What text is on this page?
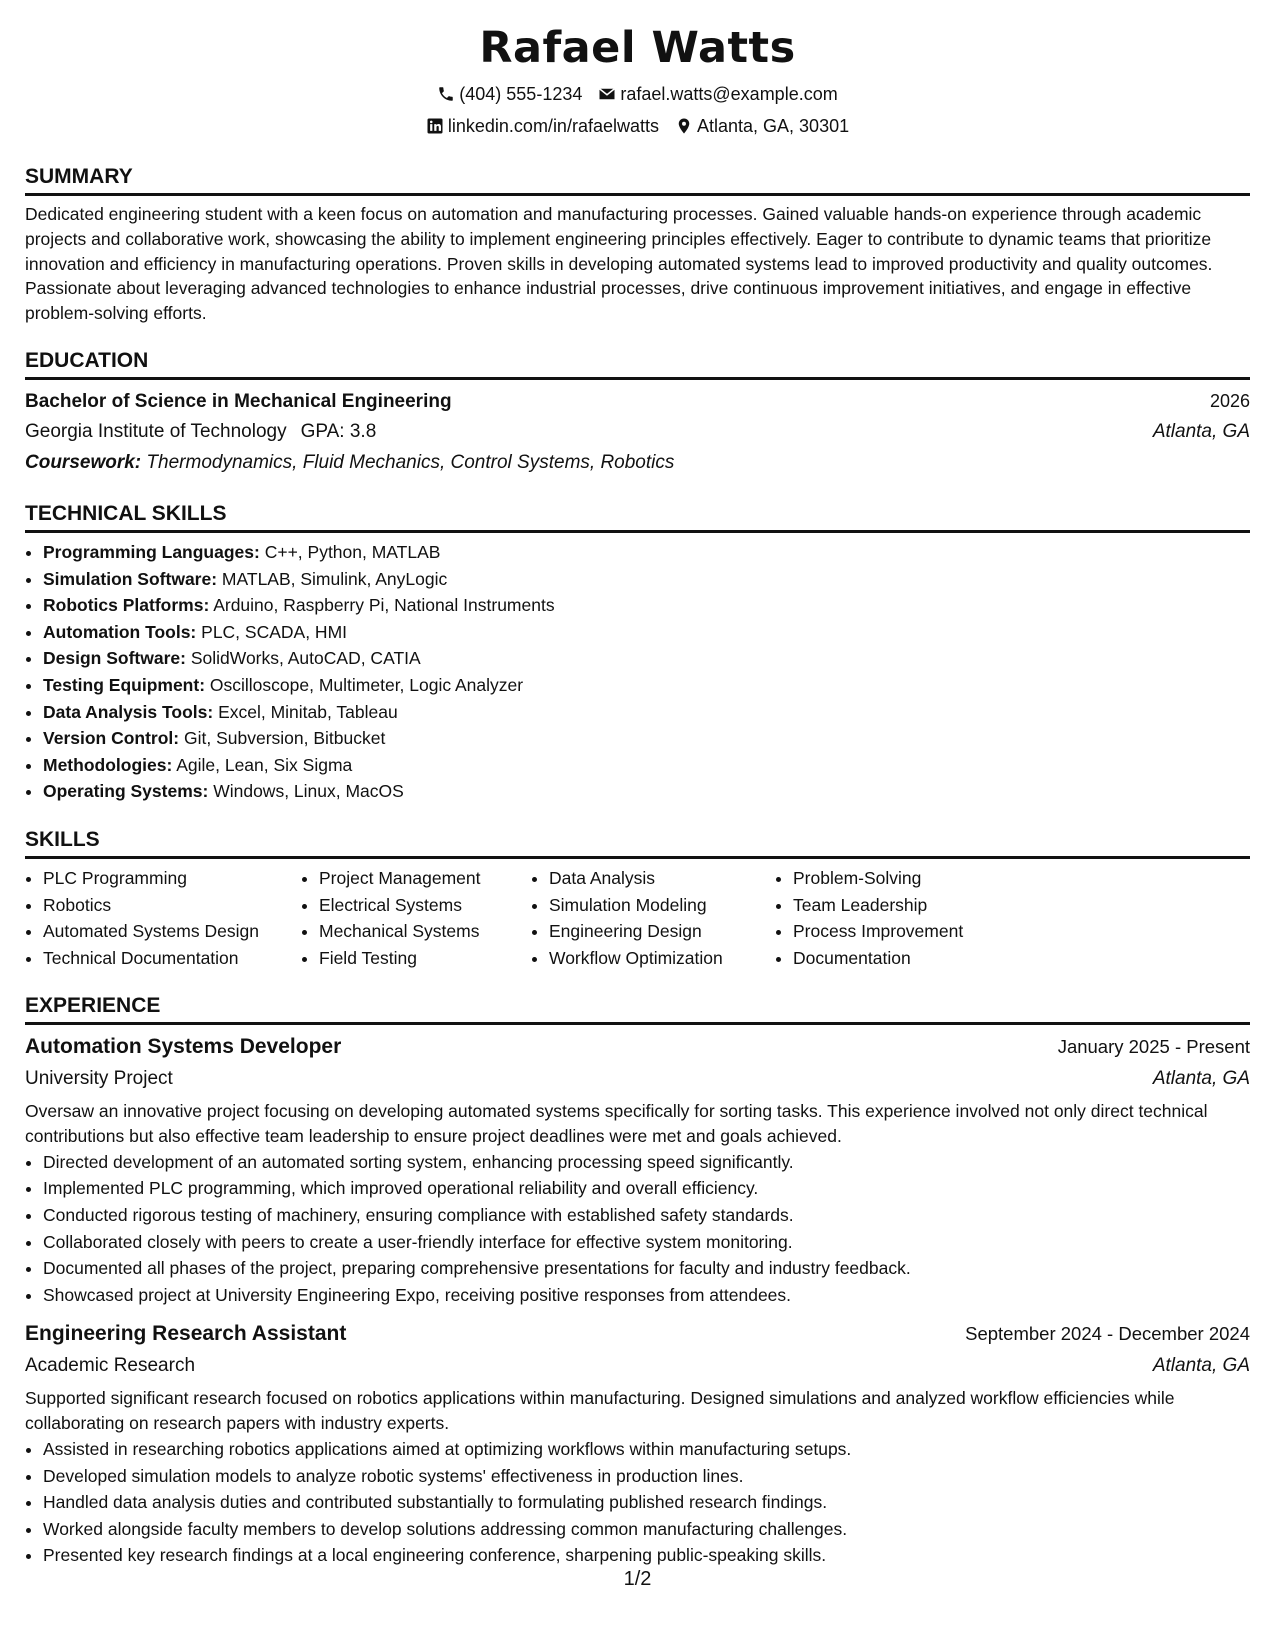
Rafael Watts
(404) 555-1234 rafael.watts@example.com
linkedin.com/in/rafaelwatts Atlanta, GA, 30301
SUMMARY

Dedicated engineering student with a keen focus on automation and manufacturing processes. Gained valuable hands-on experience through academic projects and collaborative work, showcasing the ability to implement engineering principles effectively. Eager to contribute to dynamic teams that prioritize innovation and efficiency in manufacturing operations. Proven skills in developing automated systems lead to improved productivity and quality outcomes. Passionate about leveraging advanced technologies to enhance industrial processes, drive continuous improvement initiatives, and engage in effective problem-solving efforts.

EDUCATION
Bachelor of Science in Mechanical Engineering	2026
Georgia Institute of Technology GPA: 3.8	Atlanta, GA
Coursework: Thermodynamics, Fluid Mechanics, Control Systems, Robotics
TECHNICAL SKILLS
• Programming Languages: C++, Python, MATLAB
• Simulation Software: MATLAB, Simulink, AnyLogic
• Robotics Platforms: Arduino, Raspberry Pi, National Instruments
• Automation Tools: PLC, SCADA, HMI
• Design Software: SolidWorks, AutoCAD, CATIA
• Testing Equipment: Oscilloscope, Multimeter, Logic Analyzer
• Data Analysis Tools: Excel, Minitab, Tableau
• Version Control: Git, Subversion, Bitbucket
• Methodologies: Agile, Lean, Six Sigma
• Operating Systems: Windows, Linux, MacOS
SKILLS
• PLC Programming
• Robotics
• Automated Systems Design
• Technical Documentation
• Project Management
• Electrical Systems
• Mechanical Systems
• Field Testing
• Data Analysis
• Simulation Modeling
• Engineering Design
• Workflow Optimization
• Problem-Solving
• Team Leadership
• Process Improvement
• Documentation
EXPERIENCE
Automation Systems Developer	January 2025 - Present
University Project	Atlanta, GA

Oversaw an innovative project focusing on developing automated systems specifically for sorting tasks. This experience involved not only direct technical contributions but also effective team leadership to ensure project deadlines were met and goals achieved.

• Directed development of an automated sorting system, enhancing processing speed significantly.
• Implemented PLC programming, which improved operational reliability and overall efficiency.
• Conducted rigorous testing of machinery, ensuring compliance with established safety standards.
• Collaborated closely with peers to create a user-friendly interface for effective system monitoring.
• Documented all phases of the project, preparing comprehensive presentations for faculty and industry feedback.
• Showcased project at University Engineering Expo, receiving positive responses from attendees.
Engineering Research Assistant	September 2024 - December 2024
Academic Research	Atlanta, GA

Supported significant research focused on robotics applications within manufacturing. Designed simulations and analyzed workflow efficiencies while collaborating on research papers with industry experts.

• Assisted in researching robotics applications aimed at optimizing workflows within manufacturing setups.
• Developed simulation models to analyze robotic systems' effectiveness in production lines.
• Handled data analysis duties and contributed substantially to formulating published research findings.
• Worked alongside faculty members to develop solutions addressing common manufacturing challenges.
• Presented key research findings at a local engineering conference, sharpening public-speaking skills.
1/2
